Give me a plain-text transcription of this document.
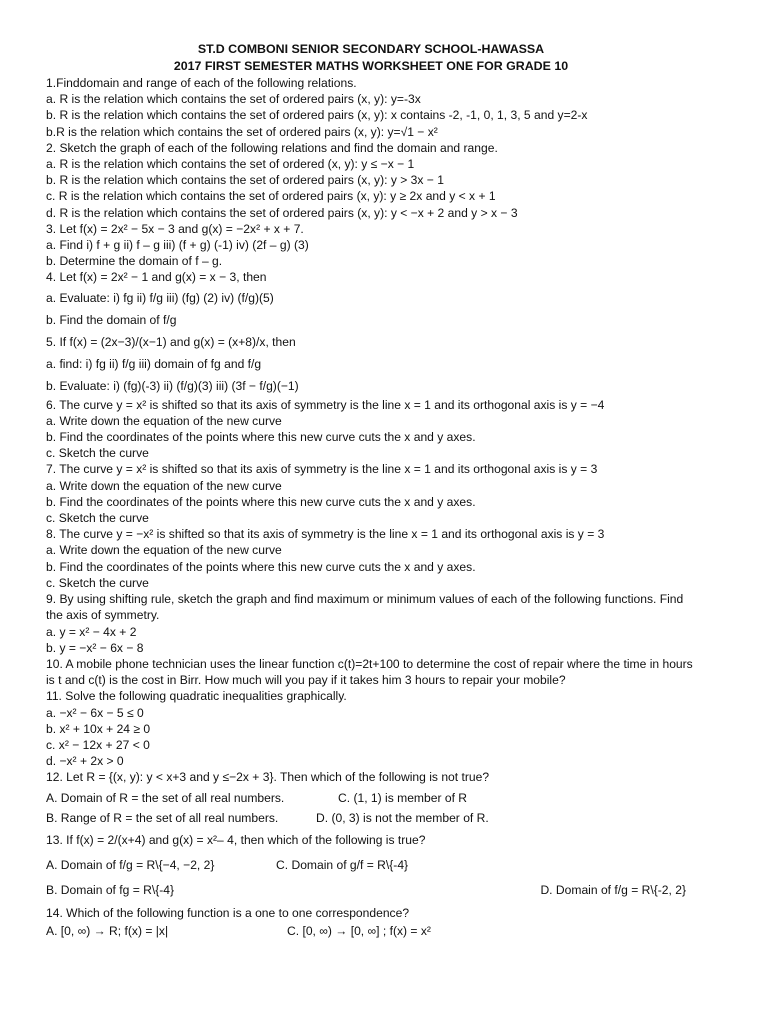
ST.D COMBONI SENIOR SECONDARY SCHOOL-HAWASSA
2017 FIRST SEMESTER MATHS WORKSHEET ONE FOR GRADE 10
1.Finddomain and range of each of the following relations.
a. R is the relation which contains the set of ordered pairs (x, y): y=-3x
b. R is the relation which contains the set of ordered pairs (x, y): x contains -2, -1, 0, 1, 3, 5 and y=2-x
b.R is the relation which contains the set of ordered pairs (x, y): y=√1 − x²
2. Sketch the graph of each of the following relations and find the domain and range.
a. R is the relation which contains the set of ordered (x, y): y ≤ −x − 1
b. R is the relation which contains the set of ordered pairs (x, y): y > 3x − 1
c. R is the relation which contains the set of ordered pairs (x, y): y ≥ 2x and y < x + 1
d. R is the relation which contains the set of ordered pairs (x, y): y < −x + 2 and y > x − 3
3. Let f(x) = 2x² − 5x − 3 and g(x) = −2x² + x + 7.
a. Find i) f + g ii) f – g iii) (f + g) (-1) iv) (2f – g) (3)
b. Determine the domain of f – g.
4. Let f(x) = 2x² − 1 and g(x) = x − 3, then
a. Evaluate: i) fg ii) f/g iii) (fg) (2) iv) (f/g)(5)
b. Find the domain of f/g
5. If f(x) = (2x−3)/(x−1) and g(x) = (x+8)/x, then
a. find: i) fg ii) f/g iii) domain of fg and f/g
b. Evaluate: i) (fg)(-3) ii) (f/g)(3) iii) (3f − f/g)(−1)
6. The curve y = x² is shifted so that its axis of symmetry is the line x = 1 and its orthogonal axis is y = −4
a. Write down the equation of the new curve
b. Find the coordinates of the points where this new curve cuts the x and y axes.
c. Sketch the curve
7. The curve y = x² is shifted so that its axis of symmetry is the line x = 1 and its orthogonal axis is y = 3
a. Write down the equation of the new curve
b. Find the coordinates of the points where this new curve cuts the x and y axes.
c. Sketch the curve
8. The curve y = −x² is shifted so that its axis of symmetry is the line x = 1 and its orthogonal axis is y = 3
a. Write down the equation of the new curve
b. Find the coordinates of the points where this new curve cuts the x and y axes.
c. Sketch the curve
9. By using shifting rule, sketch the graph and find maximum or minimum values of each of the following functions. Find the axis of symmetry.
a. y = x² − 4x + 2
b. y = −x² − 6x − 8
10. A mobile phone technician uses the linear function c(t)=2t+100 to determine the cost of repair where the time in hours is t and c(t) is the cost in Birr. How much will you pay if it takes him 3 hours to repair your mobile?
11. Solve the following quadratic inequalities graphically.
a. −x² − 6x − 5 ≤ 0
b. x² + 10x + 24 ≥ 0
c. x² − 12x + 27 < 0
d. −x² + 2x > 0
12. Let R = {(x, y): y < x+3 and y ≤−2x + 3}. Then which of the following is not true?
A. Domain of R = the set of all real numbers.	C. (1, 1) is member of R
B. Range of R = the set of all real numbers.	D. (0, 3) is not the member of R.
13. If f(x) = 2/(x+4) and g(x) = x²– 4, then which of the following is true?
A. Domain of f/g = R\{−4, −2, 2}	C. Domain of g/f = R\{-4}
B. Domain of fg = R\{-4}	D. Domain of f/g = R\{-2, 2}
14. Which of the following function is a one to one correspondence?
A. [0, ∞) → R; f(x) = |x|	C. [0, ∞) → [0, ∞] ; f(x) = x²
